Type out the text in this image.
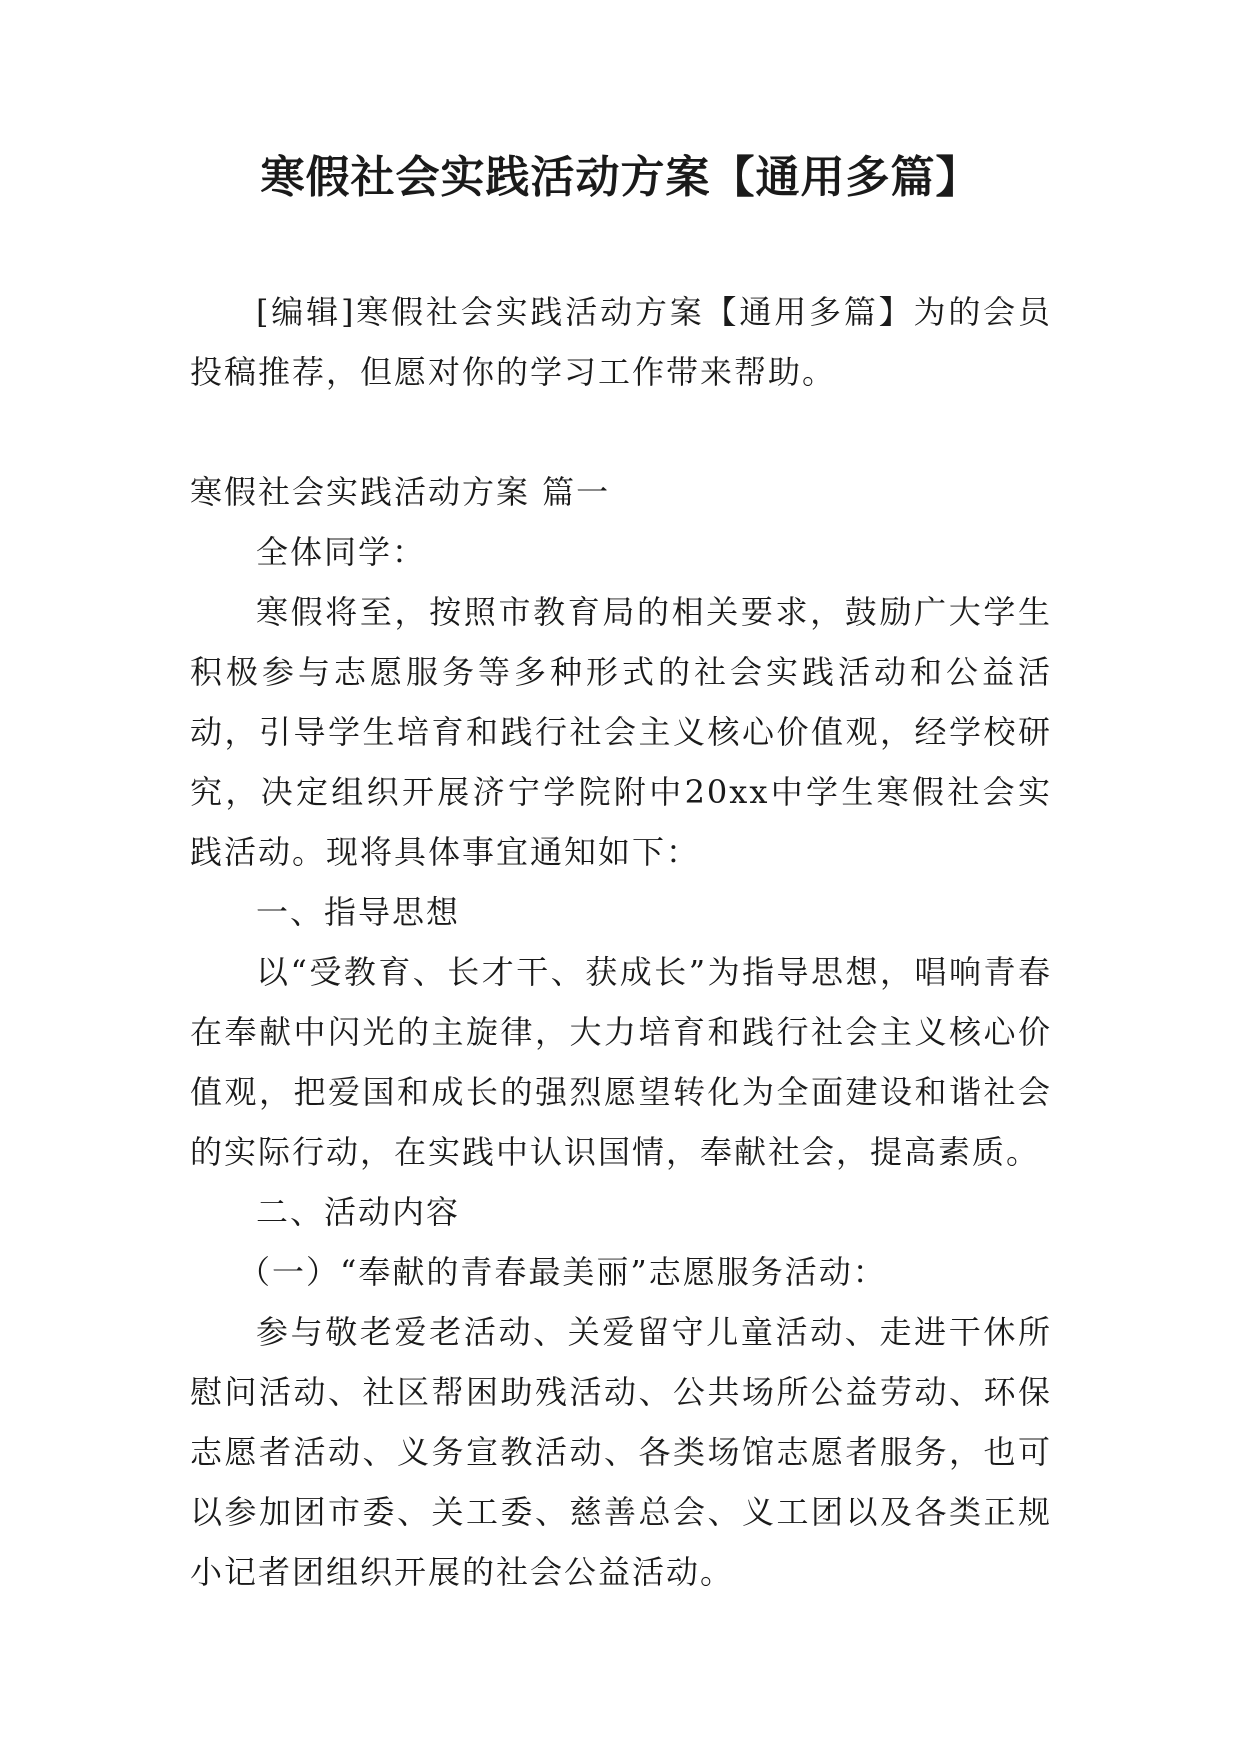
寒假社会实践活动方案【通用多篇】

[编辑]寒假社会实践活动方案【通用多篇】为的会员投稿推荐，但愿对你的学习工作带来帮助。

寒假社会实践活动方案 篇一

全体同学：

寒假将至，按照市教育局的相关要求，鼓励广大学生积极参与志愿服务等多种形式的社会实践活动和公益活动，引导学生培育和践行社会主义核心价值观，经学校研究，决定组织开展济宁学院附中20xx中学生寒假社会实践活动。现将具体事宜通知如下：

一、指导思想

以“受教育、长才干、获成长”为指导思想，唱响青春在奉献中闪光的主旋律，大力培育和践行社会主义核心价值观，把爱国和成长的强烈愿望转化为全面建设和谐社会的实际行动，在实践中认识国情，奉献社会，提高素质。

二、活动内容

（一）“奉献的青春最美丽”志愿服务活动：

参与敬老爱老活动、关爱留守儿童活动、走进干休所慰问活动、社区帮困助残活动、公共场所公益劳动、环保志愿者活动、义务宣教活动、各类场馆志愿者服务，也可以参加团市委、关工委、慈善总会、义工团以及各类正规小记者团组织开展的社会公益活动。
